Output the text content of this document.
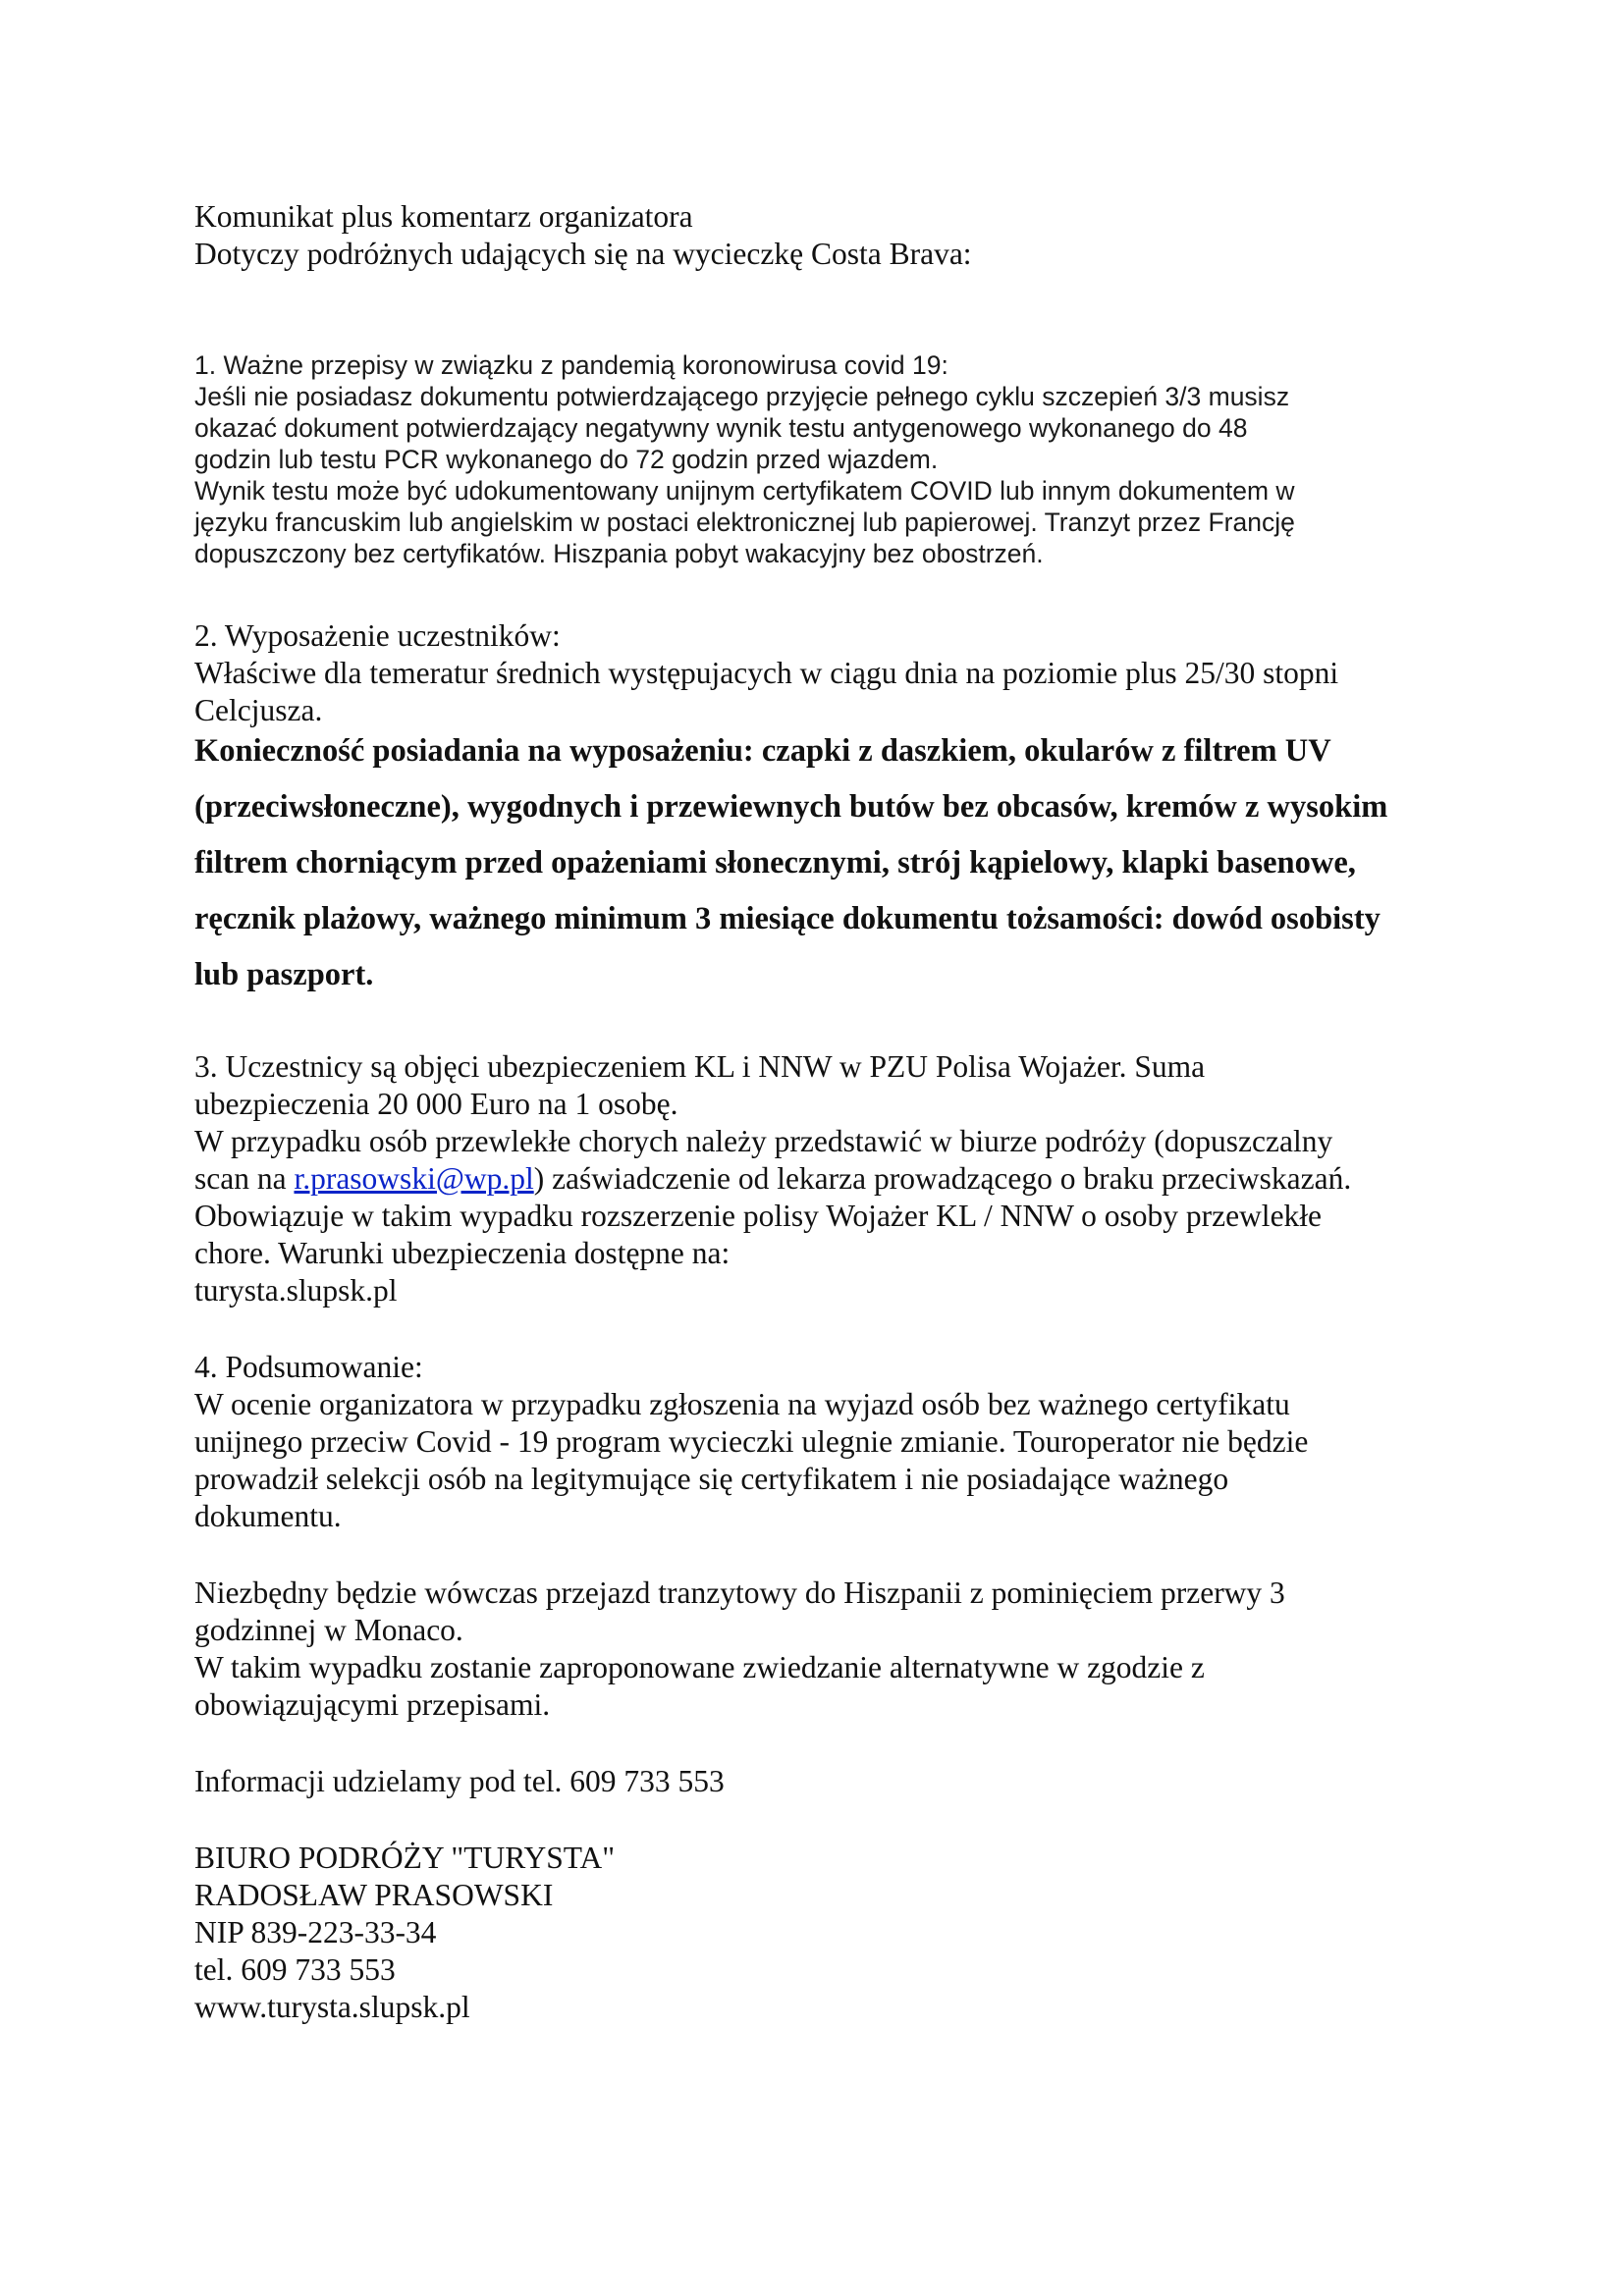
Komunikat plus komentarz organizatora

Dotyczy podróżnych udających się na wycieczkę Costa Brava:

1. Ważne przepisy w związku z pandemią koronowirusa covid 19:

Jeśli nie posiadasz dokumentu potwierdzającego przyjęcie pełnego cyklu szczepień 3/3 musisz

okazać dokument potwierdzający negatywny wynik testu antygenowego wykonanego do 48

godzin lub testu PCR wykonanego do 72 godzin przed wjazdem.

Wynik testu może być udokumentowany unijnym certyfikatem COVID lub innym dokumentem w

języku francuskim lub angielskim w postaci elektronicznej lub papierowej. Tranzyt przez Francję

dopuszczony bez certyfikatów. Hiszpania pobyt wakacyjny bez obostrzeń.

2. Wyposażenie uczestników:

Właściwe dla temeratur średnich występujacych w ciągu dnia na poziomie plus 25/30 stopni

Celcjusza.

Konieczność posiadania na wyposażeniu: czapki z daszkiem, okularów z filtrem UV

(przeciwsłoneczne), wygodnych i przewiewnych butów bez obcasów, kremów z wysokim

filtrem chorniącym przed opażeniami słonecznymi, strój kąpielowy, klapki basenowe,

ręcznik plażowy, ważnego minimum 3 miesiące dokumentu tożsamości: dowód osobisty

lub paszport.

3. Uczestnicy są objęci ubezpieczeniem KL i NNW w PZU Polisa Wojażer. Suma

ubezpieczenia 20 000 Euro na 1 osobę.

W przypadku osób przewlekłe chorych należy przedstawić w biurze podróży (dopuszczalny

scan na r.prasowski@wp.pl) zaświadczenie od lekarza prowadzącego o braku przeciwskazań.

Obowiązuje w takim wypadku rozszerzenie polisy Wojażer KL / NNW o osoby przewlekłe

chore. Warunki ubezpieczenia dostępne na:

turysta.slupsk.pl

4. Podsumowanie:

W ocenie organizatora w przypadku zgłoszenia na wyjazd osób bez ważnego certyfikatu

unijnego przeciw Covid - 19 program wycieczki ulegnie zmianie. Touroperator nie będzie

prowadził selekcji osób na legitymujące się certyfikatem i nie posiadające ważnego

dokumentu.

Niezbędny będzie wówczas przejazd tranzytowy do Hiszpanii z pominięciem przerwy 3

godzinnej w Monaco.

W takim wypadku zostanie zaproponowane zwiedzanie alternatywne w zgodzie z

obowiązującymi przepisami.

Informacji udzielamy pod tel. 609 733 553

BIURO PODRÓŻY "TURYSTA"

RADOSŁAW PRASOWSKI

NIP 839-223-33-34

tel. 609 733 553

www.turysta.slupsk.pl
